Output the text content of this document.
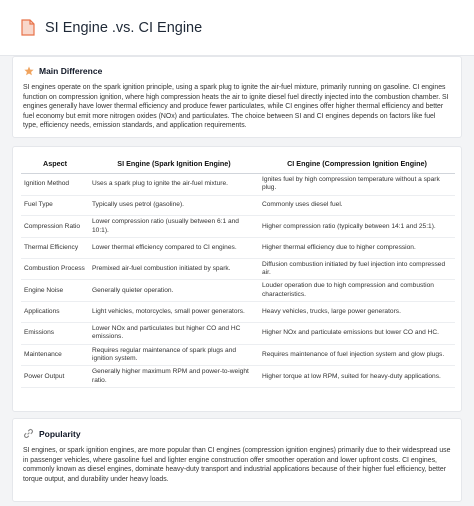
SI Engine .vs. CI Engine
Main Difference

SI engines operate on the spark ignition principle, using a spark plug to ignite the air-fuel mixture, primarily running on gasoline. CI engines function on compression ignition, where high compression heats the air to ignite diesel fuel directly injected into the combustion chamber. SI engines generally have lower thermal efficiency and produce fewer particulates, while CI engines offer higher thermal efficiency and better fuel economy but emit more nitrogen oxides (NOx) and particulates. The choice between SI and CI engines depends on factors like fuel type, efficiency needs, emission standards, and application requirements.

Aspect	SI Engine (Spark Ignition Engine)	CI Engine (Compression Ignition Engine)
Ignition Method	Uses a spark plug to ignite the air-fuel mixture.	Ignites fuel by high compression temperature without a spark plug.
Fuel Type	Typically uses petrol (gasoline).	Commonly uses diesel fuel.
Compression Ratio	Lower compression ratio (usually between 6:1 and 10:1).	Higher compression ratio (typically between 14:1 and 25:1).
Thermal Efficiency	Lower thermal efficiency compared to CI engines.	Higher thermal efficiency due to higher compression.
Combustion Process	Premixed air-fuel combustion initiated by spark.	Diffusion combustion initiated by fuel injection into compressed air.
Engine Noise	Generally quieter operation.	Louder operation due to high compression and combustion characteristics.
Applications	Light vehicles, motorcycles, small power generators.	Heavy vehicles, trucks, large power generators.
Emissions	Lower NOx and particulates but higher CO and HC emissions.	Higher NOx and particulate emissions but lower CO and HC.
Maintenance	Requires regular maintenance of spark plugs and ignition system.	Requires maintenance of fuel injection system and glow plugs.
Power Output	Generally higher maximum RPM and power-to-weight ratio.	Higher torque at low RPM, suited for heavy-duty applications.
Popularity

SI engines, or spark ignition engines, are more popular than CI engines (compression ignition engines) primarily due to their widespread use in passenger vehicles, where gasoline fuel and lighter engine construction offer smoother operation and lower upfront costs. CI engines, commonly known as diesel engines, dominate heavy-duty transport and industrial applications because of their higher fuel efficiency, better torque output, and durability under heavy loads.
